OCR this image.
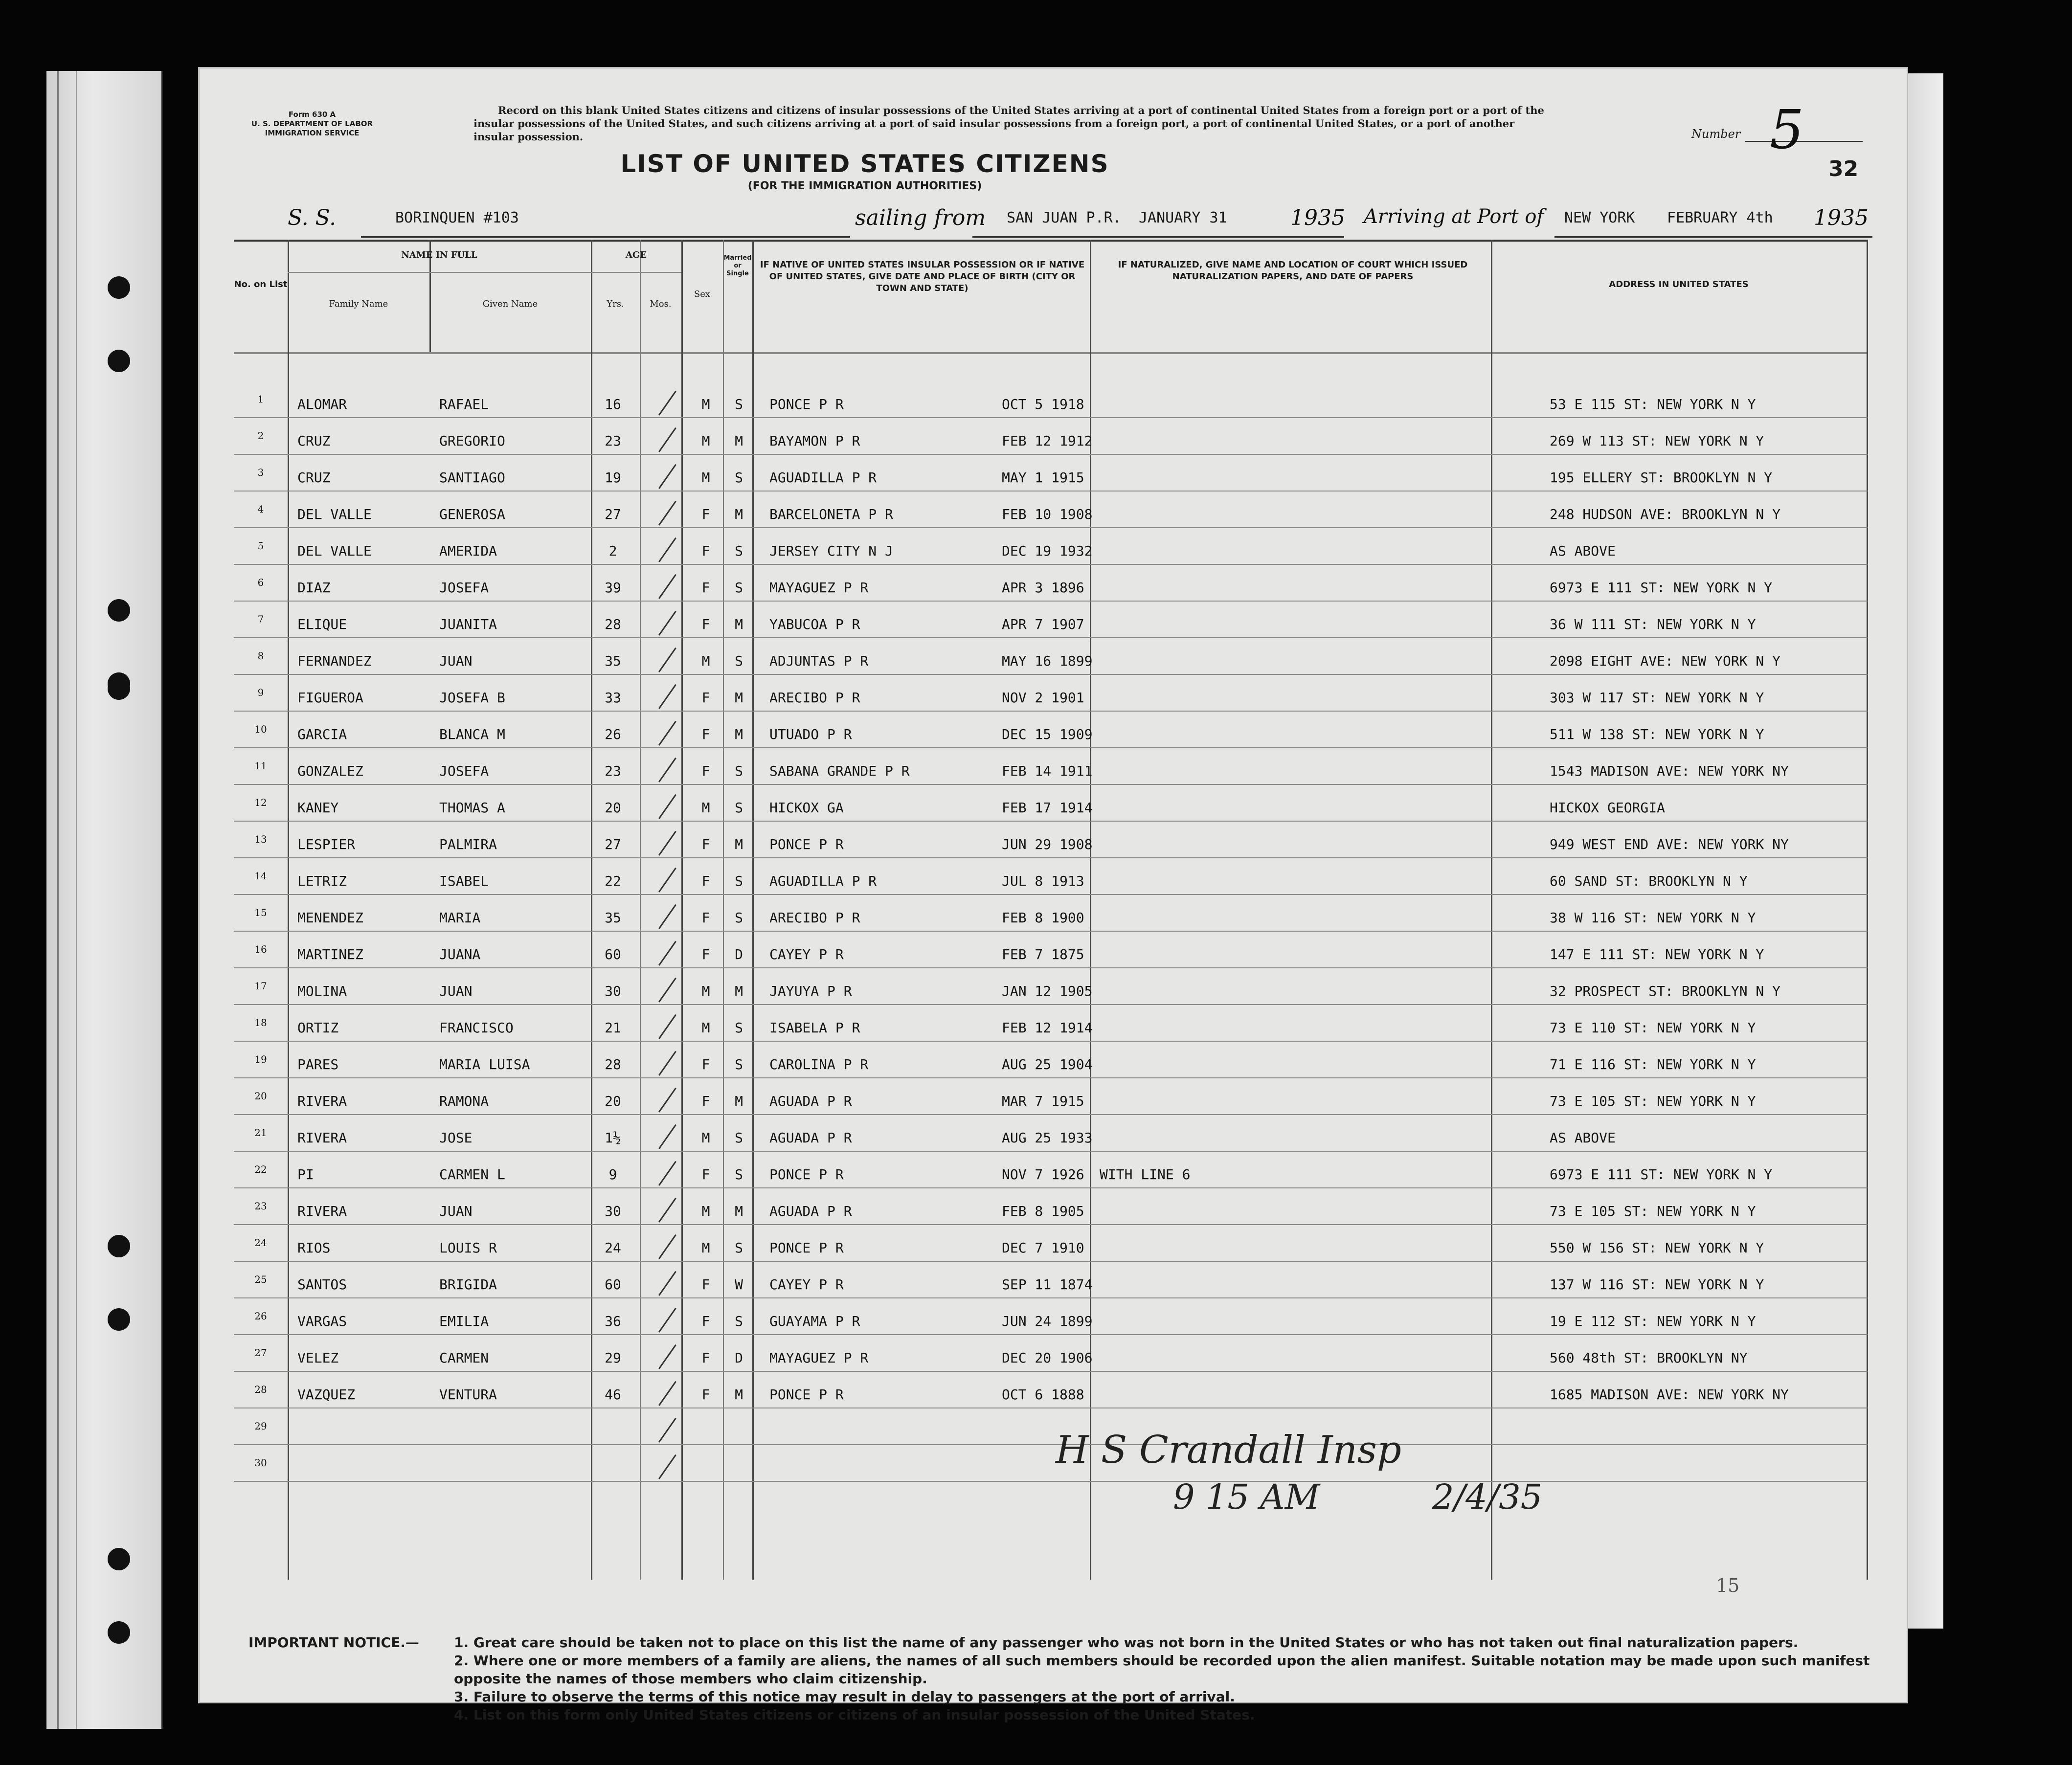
Form 630 A
U. S. DEPARTMENT OF LABOR
IMMIGRATION SERVICE
Record on this blank United States citizens and citizens of insular possessions of the United States arriving at a port of continental United States from a foreign port or a port of the insular possessions of the United States, and such citizens arriving at a port of said insular possessions from a foreign port, a port of continental United States, or a port of another insular possession.	Number 5
32
LIST OF UNITED STATES CITIZENS
(FOR THE IMMIGRATION AUTHORITIES)
S. S.	BORINQUEN #103	sailing from SAN JUAN P.R. JANUARY 31	1935 Arriving at Port of NEW YORK
No. on List
NAME IN FULL
Family Name	Given Name
AGE
Yrs.	Mos.
Sex
Married or Single
IF NATIVE OF UNITED STATES INSULAR POSSESSION OR IF NATIVE OF UNITED STATES, GIVE DATE AND PLACE OF BIRTH (CITY OR TOWN AND STATE)
IF NATURALIZED, GIVE NAME AND LOCATION OF COURT WHICH ISSUED NATURALIZATION PAPERS, AND DATE OF PAPERS
ADDRESS IN UNITED STATES
1	ALOMAR	RAFAEL	16	M	S	PONCE P R	OCT 5 1918	53 E 115 ST: NEW YORK N Y
2	CRUZ	GREGORIO	23	M	M	BAYAMON P R	FEB 12 1912	269 W 113 ST: NEW YORK N Y
3	CRUZ	SANTIAGO	19	M	S	AGUADILLA P R	MAY 1 1915	195 ELLERY ST: BROOKLYN N Y
4	DEL VALLE	GENEROSA	27	F	M	BARCELONETA P R	FEB 10 1908	248 HUDSON AVE: BROOKLYN N Y
5	DEL VALLE	AMERIDA	2	F	S	JERSEY CITY N J	DEC 19 1932	AS ABOVE
6	DIAZ	JOSEFA	39	F	S	MAYAGUEZ P R	APR 3 1896	6973 E 111 ST: NEW YORK N Y
7	ELIQUE	JUANITA	28	F	M	YABUCOA P R	APR 7 1907	36 W 111 ST: NEW YORK N Y
8	FERNANDEZ	JUAN	35	M	S	ADJUNTAS P R	MAY 16 1899	2098 EIGHT AVE: NEW YORK N Y
9	FIGUEROA	JOSEFA B	33	F	M	ARECIBO P R	NOV 2 1901	303 W 117 ST: NEW YORK N Y
10	GARCIA	BLANCA M	26	F	M	UTUADO P R	DEC 15 1909	511 W 138 ST: NEW YORK N Y
11	GONZALEZ	JOSEFA	23	F	S	SABANA GRANDE P R	FEB 14 1911	1543 MADISON AVE: NEW YORK NY
12	KANEY	THOMAS A	20	M	S	HICKOX GA	FEB 17 1914	HICKOX GEORGIA
13	LESPIER	PALMIRA	27	F	M	PONCE P R	JUN 29 1908	949 WEST END AVE: NEW YORK NY
14	LETRIZ	ISABEL	22	F	S	AGUADILLA P R	JUL 8 1913	60 SAND ST: BROOKLYN N Y
15	MENENDEZ	MARIA	35	F	S	ARECIBO P R	FEB 8 1900	38 W 116 ST: NEW YORK N Y
16	MARTINEZ	JUANA	60	F	D	CAYEY P R	FEB 7 1875	147 E 111 ST: NEW YORK N Y
17	MOLINA	JUAN	30	M	M	JAYUYA P R	JAN 12 1905	32 PROSPECT ST: BROOKLYN N Y
18	ORTIZ	FRANCISCO	21	M	S	ISABELA P R	FEB 12 1914	73 E 110 ST: NEW YORK N Y
19	PARES	MARIA LUISA	28	F	S	CAROLINA P R	AUG 25 1904	71 E 116 ST: NEW YORK N Y
20	RIVERA	RAMONA	20	F	M	AGUADA P R	MAR 7 1915	73 E 105 ST: NEW YORK N Y
21	RIVERA	JOSE	1½	M	S	AGUADA P R	AUG 25 1933	AS ABOVE
22	PI	CARMEN L	9	F	S	PONCE P R	NOV 7 1926 WITH LINE 6	6973 E 111 ST: NEW YORK N Y
23	RIVERA	JUAN	30	M	M	AGUADA P R	FEB 8 1905	73 E 105 ST: NEW YORK N Y
24	RIOS	LOUIS R	24	M	S	PONCE P R	DEC 7 1910	550 W 156 ST: NEW YORK N Y
25	SANTOS	BRIGIDA	60	F	W	CAYEY P R	SEP 11 1874	137 W 116 ST: NEW YORK N Y
26	VARGAS	EMILIA	36	F	S	GUAYAMA P R	JUN 24 1899	19 E 112 ST: NEW YORK N Y
27	VELEZ	CARMEN	29	F	D	MAYAGUEZ P R	DEC 20 1906	560 48th ST: BROOKLYN NY
28	VAZQUEZ	VENTURA	46	F	M	PONCE P R	OCT 6 1888	1685 MADISON AVE: NEW YORK NY
29
30	H S Crandall Insp
9 15 AM	2/4/35
15
IMPORTANT NOTICE.—	1. Great care should be taken not to place on this list the name of any passenger who was not born in the United States or who has not taken out final naturalization papers.
2. Where one or more members of a family are aliens, the names of all such members should be recorded upon the alien manifest. Suitable notation may be made upon such manifest opposite the names of those members who claim citizenship.
3. Failure to observe the terms of this notice may result in delay to passengers at the port of arrival.
4. List on this form only United States citizens or citizens of an insular possession of the United States.
FEBRUARY 4th 1935
